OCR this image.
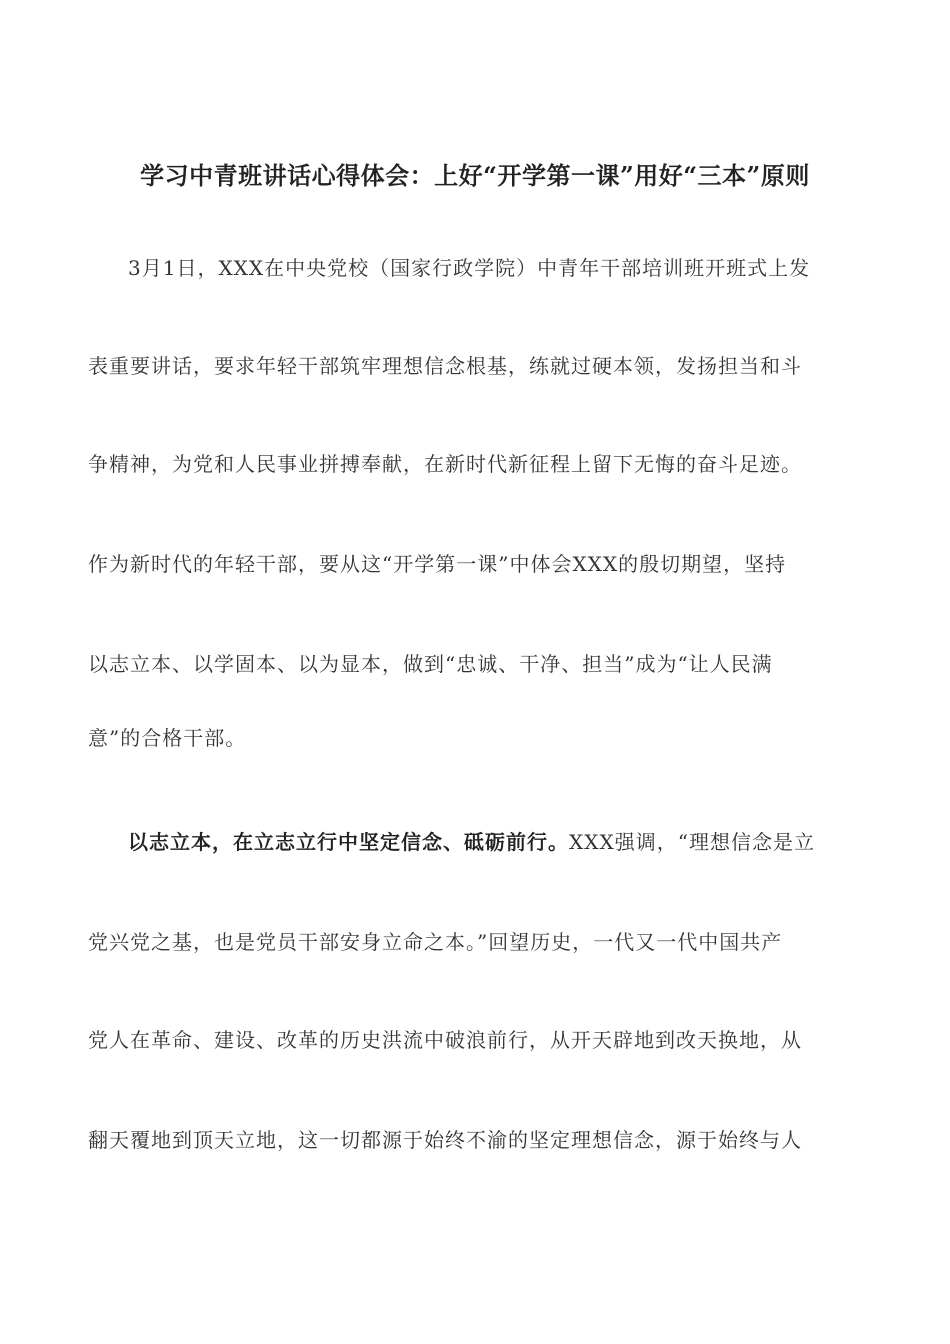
学习中青班讲话心得体会：上好“开学第一课”用好“三本”原则
3月1日，XXX在中央党校（国家行政学院）中青年干部培训班开班式上发
表重要讲话，要求年轻干部筑牢理想信念根基，练就过硬本领，发扬担当和斗
争精神，为党和人民事业拼搏奉献，在新时代新征程上留下无悔的奋斗足迹。
作为新时代的年轻干部，要从这“开学第一课”中体会XXX的殷切期望，坚持
以志立本、以学固本、以为显本，做到“忠诚、干净、担当”成为“让人民满
意”的合格干部。
以志立本，在立志立行中坚定信念、砥砺前行。XXX强调，“理想信念是立
党兴党之基，也是党员干部安身立命之本。”回望历史，一代又一代中国共产
党人在革命、建设、改革的历史洪流中破浪前行，从开天辟地到改天换地，从
翻天覆地到顶天立地，这一切都源于始终不渝的坚定理想信念，源于始终与人
